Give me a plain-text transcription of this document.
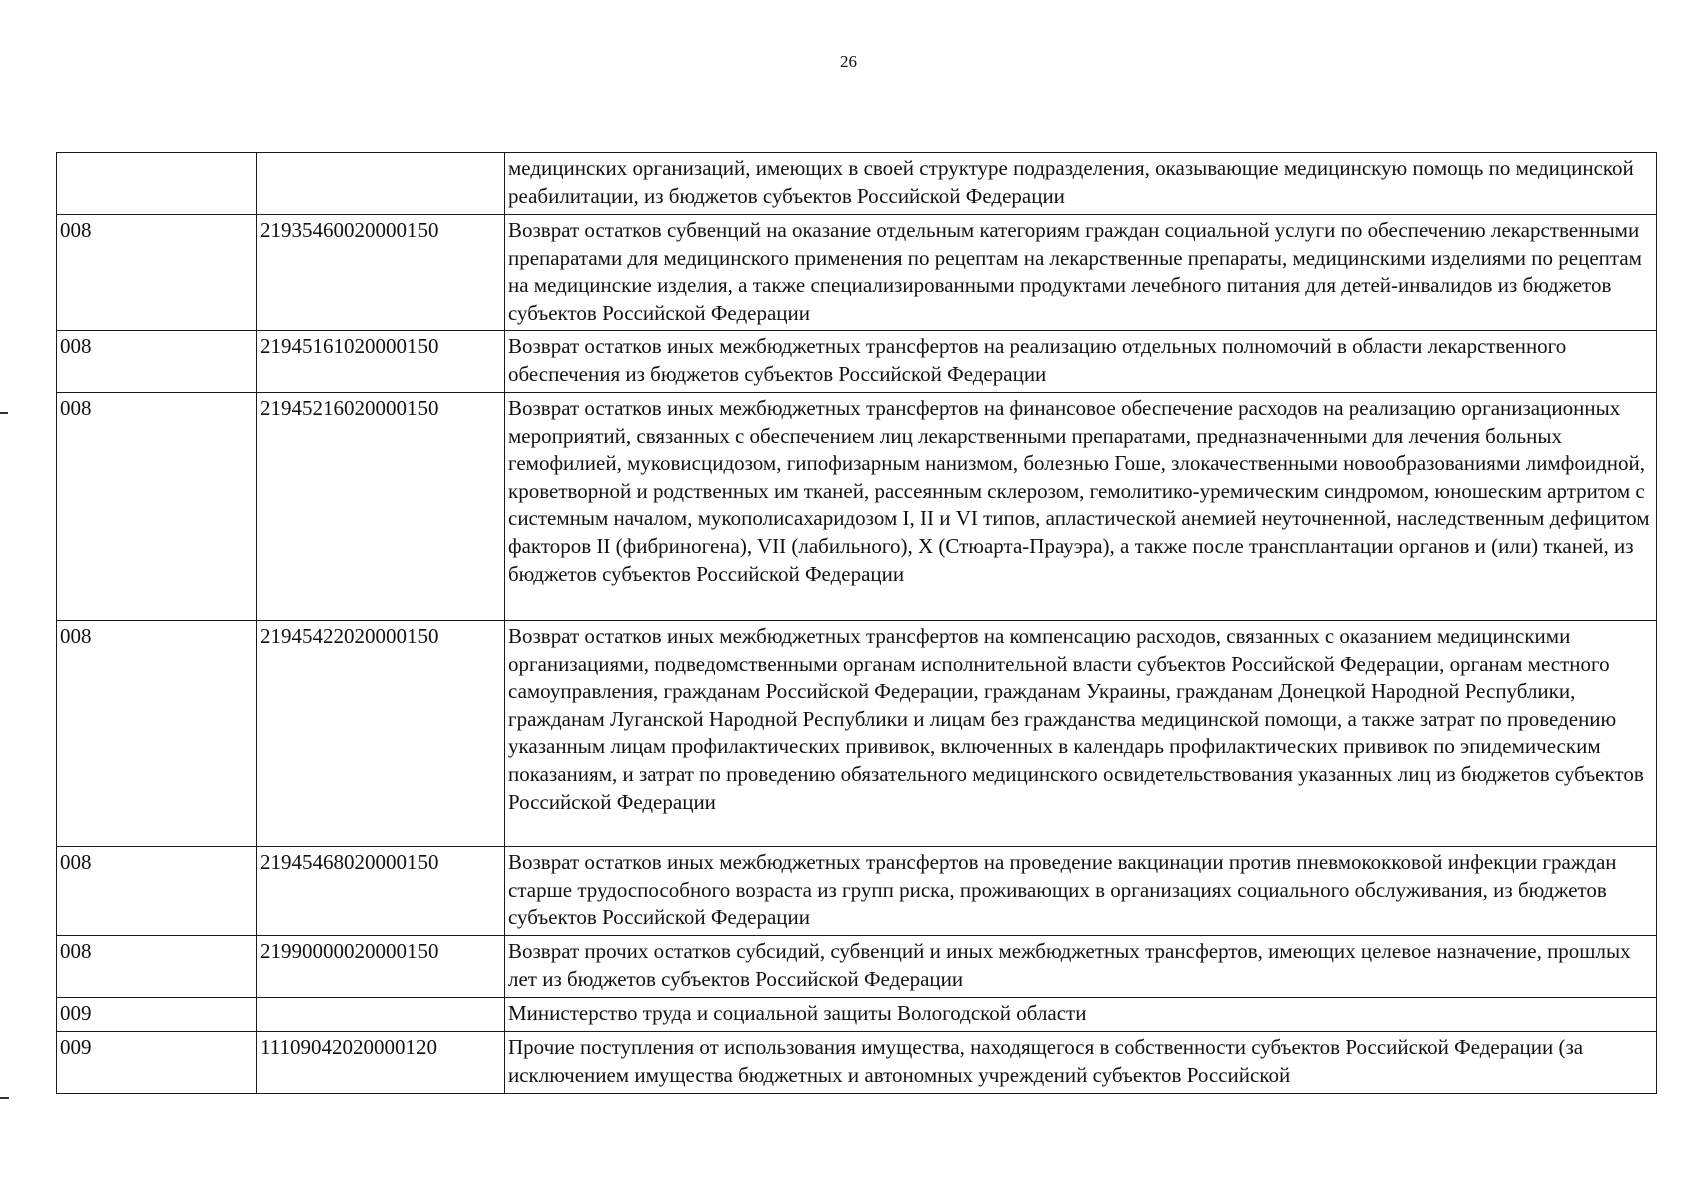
26
		медицинских организаций, имеющих в своей структуре подразделения, оказывающие медицинскую помощь по медицинской реабилитации, из бюджетов субъектов Российской Федерации
008	21935460020000150	Возврат остатков субвенций на оказание отдельным категориям граждан социальной услуги по обеспечению лекарственными препаратами для медицинского применения по рецептам на лекарственные препараты, медицинскими изделиями по рецептам на медицинские изделия, а также специализированными продуктами лечебного питания для детей-инвалидов из бюджетов субъектов Российской Федерации
008	21945161020000150	Возврат остатков иных межбюджетных трансфертов на реализацию отдельных полномочий в области лекарственного обеспечения из бюджетов субъектов Российской Федерации
008	21945216020000150	Возврат остатков иных межбюджетных трансфертов на финансовое обеспечение расходов на реализацию организационных мероприятий, связанных с обеспечением лиц лекарственными препаратами, предназначенными для лечения больных гемофилией, муковисцидозом, гипофизарным нанизмом, болезнью Гоше, злокачественными новообразованиями лимфоидной, кроветворной и родственных им тканей, рассеянным склерозом, гемолитико-уремическим синдромом, юношеским артритом с системным началом, мукополисахаридозом I, II и VI типов, апластической анемией неуточненной, наследственным дефицитом факторов II (фибриногена), VII (лабильного), X (Стюарта-Прауэра), а также после трансплантации органов и (или) тканей, из бюджетов субъектов Российской Федерации
008	21945422020000150	Возврат остатков иных межбюджетных трансфертов на компенсацию расходов, связанных с оказанием медицинскими организациями, подведомственными органам исполнительной власти субъектов Российской Федерации, органам местного самоуправления, гражданам Российской Федерации, гражданам Украины, гражданам Донецкой Народной Республики, гражданам Луганской Народной Республики и лицам без гражданства медицинской помощи, а также затрат по проведению указанным лицам профилактических прививок, включенных в календарь профилактических прививок по эпидемическим показаниям, и затрат по проведению обязательного медицинского освидетельствования указанных лиц из бюджетов субъектов Российской Федерации
008	21945468020000150	Возврат остатков иных межбюджетных трансфертов на проведение вакцинации против пневмококковой инфекции граждан старше трудоспособного возраста из групп риска, проживающих в организациях социального обслуживания, из бюджетов субъектов Российской Федерации
008	21990000020000150	Возврат прочих остатков субсидий, субвенций и иных межбюджетных трансфертов, имеющих целевое назначение, прошлых лет из бюджетов субъектов Российской Федерации
009		Министерство труда и социальной защиты Вологодской области
009	11109042020000120	Прочие поступления от использования имущества, находящегося в собственности субъектов Российской Федерации (за исключением имущества бюджетных и автономных учреждений субъектов Российской
